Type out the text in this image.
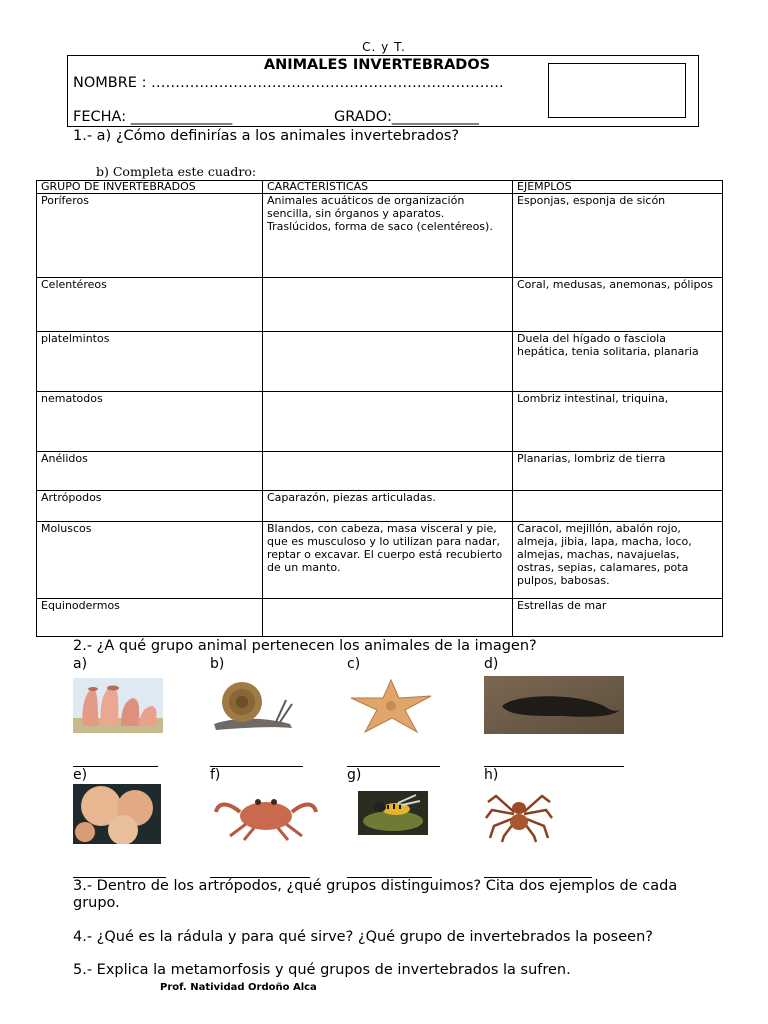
C. y T.
ANIMALES INVERTEBRADOS
NOMBRE : ……………………………………………………………….
FECHA: ______________	GRADO:____________
1.- a) ¿Cómo definirías a los animales invertebrados?
b) Completa este cuadro:
GRUPO DE INVERTEBRADOS	CARACTERÍSTICAS	EJEMPLOS
Poríferos	Animales acuáticos de organización sencilla, sin órganos y aparatos. Traslúcidos, forma de saco (celentéreos).	Esponjas, esponja de sicón
Celentéreos		Coral, medusas, anemonas, pólipos
platelmintos		Duela del hígado o fasciola hepática, tenia solitaria, planaria
nematodos		Lombriz intestinal, triquina,
Anélidos		Planarias, lombriz de tierra
Artrópodos	Caparazón, piezas articuladas.	
Moluscos	Blandos, con cabeza, masa visceral y pie, que es musculoso y lo utilizan para nadar, reptar o excavar. El cuerpo está recubierto de un manto.	Caracol, mejillón, abalón rojo, almeja, jibia, lapa, macha, loco, almejas, machas, navajuelas, ostras, sepias, calamares, pota pulpos, babosas.
Equinodermos		Estrellas de mar
2.- ¿A qué grupo animal pertenecen los animales de la imagen?
a)	b)	c)	d)
e)	f)	g)	h)
3.- Dentro de los artrópodos, ¿qué grupos distinguimos? Cita dos ejemplos de cada grupo.
4.- ¿Qué es la rádula y para qué sirve? ¿Qué grupo de invertebrados la poseen?
5.- Explica la metamorfosis y qué grupos de invertebrados la sufren.
Prof. Natividad Ordoño Alca
